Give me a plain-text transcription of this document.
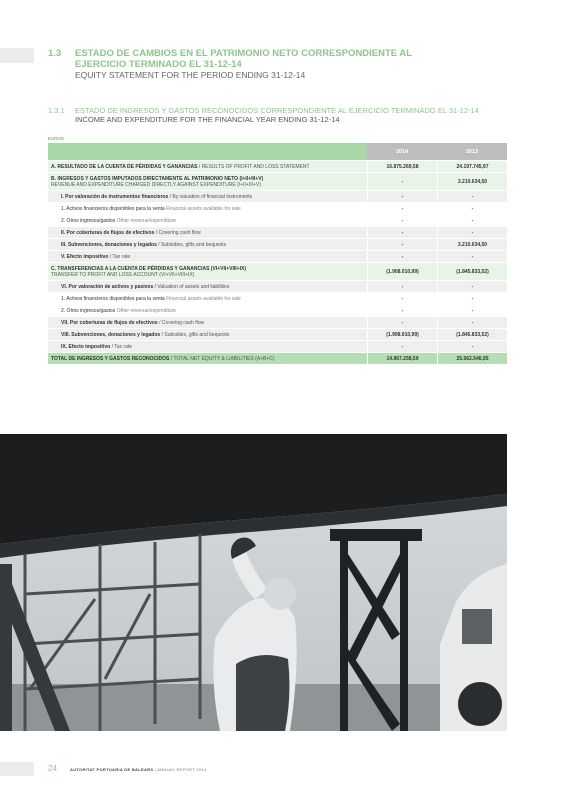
1.3 ESTADO DE CAMBIOS EN EL PATRIMONIO NETO CORRESPONDIENTE AL EJERCICIO TERMINADO EL 31-12-14
EQUITY STATEMENT FOR THE PERIOD ENDING 31-12-14
1.3.1 ESTADO DE INGRESOS Y GASTOS RECONOCIDOS CORRESPONDIENTE AL EJERCICIO TERMINADO EL 31-12-14
INCOME AND EXPENDITURE FOR THE FINANCIAL YEAR ENDING 31-12-14
EUROS
	2014	2013
A. RESULTADO DE LA CUENTA DE PÉRDIDAS Y GANANCIAS / RESULTS OF PROFIT AND LOSS STATEMENT	16.875.269,58	24.197.745,97
B. INGRESOS Y GASTOS IMPUTADOS DIRECTAMENTE AL PATRIMONIO NETO (I+II+III+V)
REVENUE AND EXPENDITURE CHARGED DIRECTLY AGAINST EXPENDITURE (I+II+III+V)	-	3.210.634,50
I. Por valoración de instrumentos financieros / By valuation of financial instruments	-	-
1. Activos financieros disponibles para la venta Financial assets available for sale	-	-
2. Otros ingresos/gastos Other revenue/expenditure	-	-
II. Por coberturas de flujos de efectivos / Covering cash flow	-	-
III. Subvenciones, donaciones y legados / Subsidies, gifts and bequests	-	3.210.634,50
V. Efecto impositivo / Tax rate	-	-
C. TRANSFERENCIAS A LA CUENTA DE PÉRDIDAS Y GANANCIAS (VI+VII+VIII+IX)
TRANSFER TO PROFIT AND LOSS ACCOUNT (VI+VII+VIII+IX)	(1.908.010,99)	(1.845.833,52)
VI. Por valoración de activos y pasivos / Valuation of assets and liabilities	-	-
1. Activos financieros disponibles para la venta Financial assets available for sale	-	-
2. Otros ingresos/gastos Other revenue/expenditure	-	-
VII. Por coberturas de flujos de efectivos / Covering cash flow	-	-
VIII. Subvenciones, donaciones y legados / Subsidies, gifts and bequests	(1.908.010,99)	(1.845.833,52)
IX. Efecto impositivo / Tax rate	-	-
TOTAL DE INGRESOS Y GASTOS RECONOCIDOS / TOTAL NET EQUITY & LIABILITIES (A+B+C)	14.967.258,59	25.562.546,95
24	AUTORITAT PORTUÀRIA DE BALEARS | ANNUAL REPORT 2014
